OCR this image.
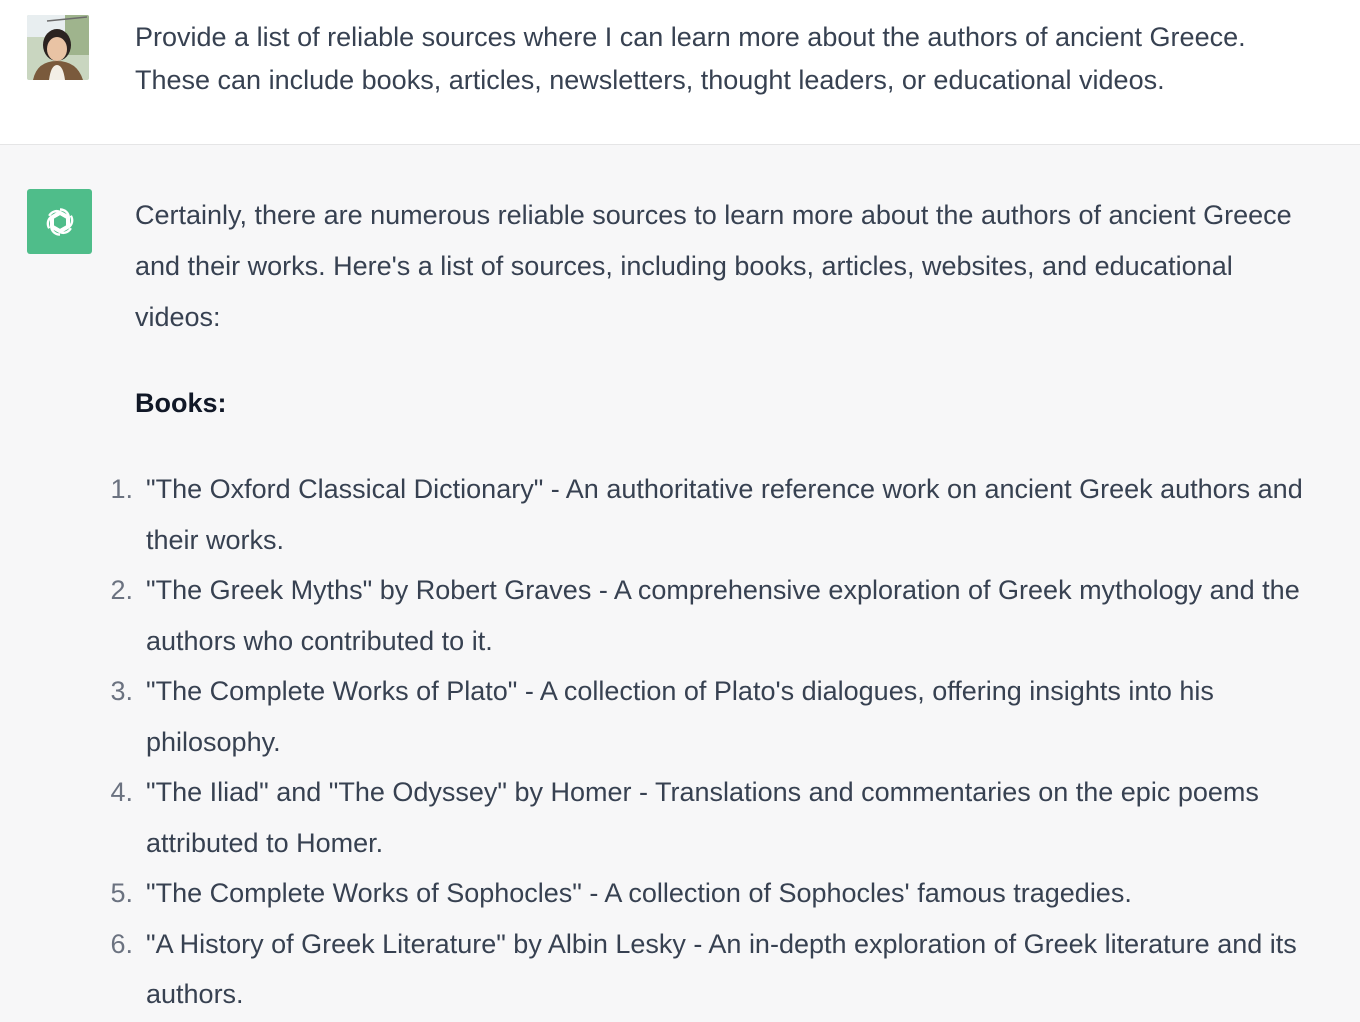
Provide a list of reliable sources where I can learn more about the authors of ancient Greece.
These can include books, articles, newsletters, thought leaders, or educational videos.

Certainly, there are numerous reliable sources to learn more about the authors of ancient Greece and their works. Here's a list of sources, including books, articles, websites, and educational videos:

Books:
1. "The Oxford Classical Dictionary" - An authoritative reference work on ancient Greek authors and their works.
2. "The Greek Myths" by Robert Graves - A comprehensive exploration of Greek mythology and the authors who contributed to it.
3. "The Complete Works of Plato" - A collection of Plato's dialogues, offering insights into his philosophy.
4. "The Iliad" and "The Odyssey" by Homer - Translations and commentaries on the epic poems attributed to Homer.
5. "The Complete Works of Sophocles" - A collection of Sophocles' famous tragedies.
6. "A History of Greek Literature" by Albin Lesky - An in-depth exploration of Greek literature and its authors.
